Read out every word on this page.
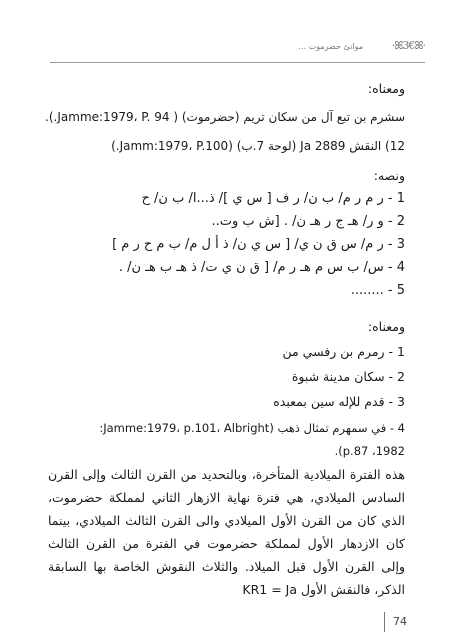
موانئ حضرموت ...	·ꕤ3€ꕤ·
ومعناه:
سشرم بن تبع آل من سكان تريم (حضرموت) ( Jamme:1979، P. 94.).
12) النقش Ja 2889 (لوحة 7.ب) (Jamm:1979، P.100.)
ونصه:
1 - ر م ر م/ ب ن/ ر ف [ س ي ]/ ذ...ا/ ب ن/ ح
2 - و ر/ هـ ج ر هـ ن/ . [ش ب وت..
3 - ر م/ س ق ن ي/ [ س ي ن/ ذ أ ل م/ ب م ح ر م ]
4 - س/ ب س م هـ ر م/ [ ق ن ي ت/ ذ هـ ب هـ ن/ .
5 - ........
ومعناه:
1 - رمرم بن رفسي من
2 - سكان مدينة شبوة
3 - قدم للإله سين بمعبده
4 - في سمهرم تمثال ذهب (Jamme:1979، p.101، Albright:
1982، p.87).
هذه الفترة الميلادية المتأخرة، وبالتحديد من القرن الثالث وإلى القرن السادس الميلادي، هي فترة نهاية الازهار الثاني لمملكة حضرموت، الذي كان من القرن الأول الميلادي والى القرن الثالث الميلادي، بينما كان الازدهار الأول لمملكة حضرموت في الفترة من القرن الثالث وإلى القرن الأول قبل الميلاد. والثلاث النقوش الخاصة بها السابقة الذكر، فالنقش الأول KR1 = Ja
74
